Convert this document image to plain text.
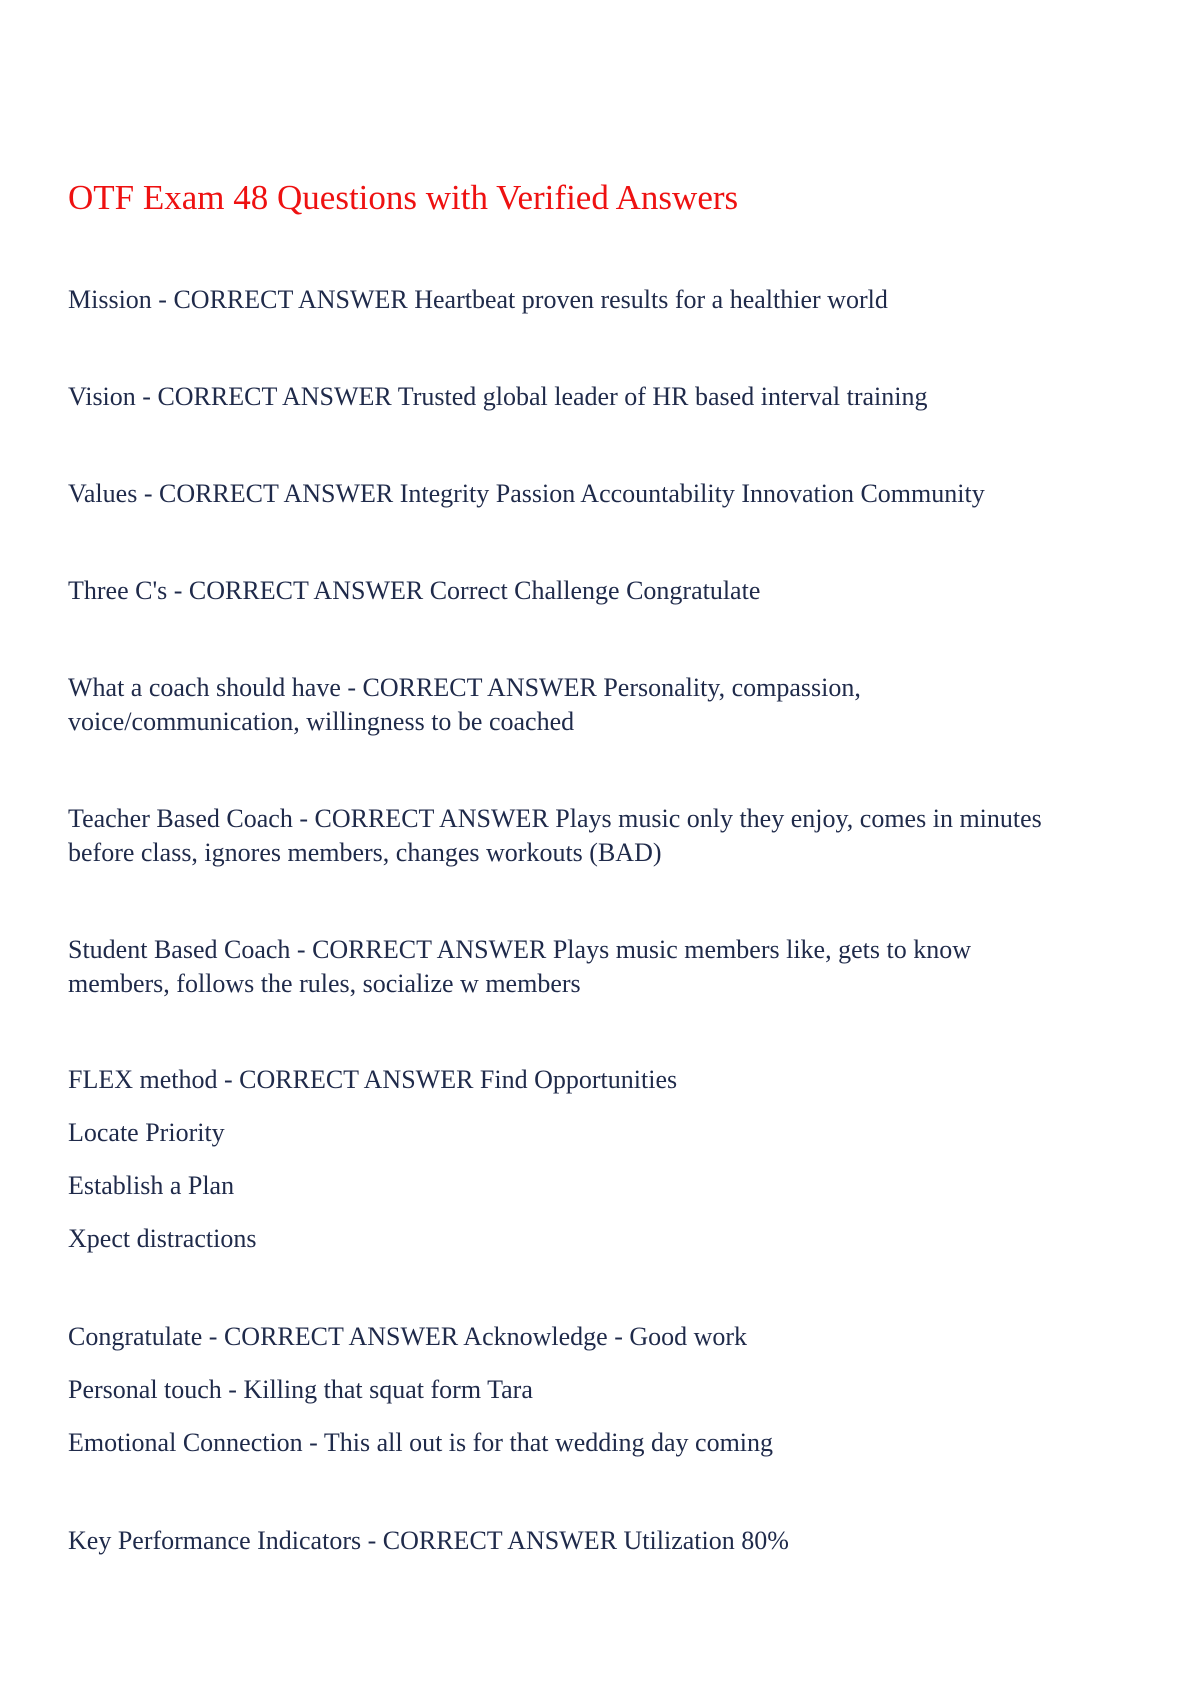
OTF Exam 48 Questions with Verified Answers

Mission - CORRECT ANSWER Heartbeat proven results for a healthier world

Vision - CORRECT ANSWER Trusted global leader of HR based interval training

Values - CORRECT ANSWER Integrity Passion Accountability Innovation Community

Three C's - CORRECT ANSWER Correct Challenge Congratulate

What a coach should have - CORRECT ANSWER Personality, compassion, voice/communication, willingness to be coached

Teacher Based Coach - CORRECT ANSWER Plays music only they enjoy, comes in minutes before class, ignores members, changes workouts (BAD)

Student Based Coach - CORRECT ANSWER Plays music members like, gets to know members, follows the rules, socialize w members

FLEX method - CORRECT ANSWER Find Opportunities

Locate Priority

Establish a Plan

Xpect distractions

Congratulate - CORRECT ANSWER Acknowledge - Good work

Personal touch - Killing that squat form Tara

Emotional Connection - This all out is for that wedding day coming

Key Performance Indicators - CORRECT ANSWER Utilization 80%
